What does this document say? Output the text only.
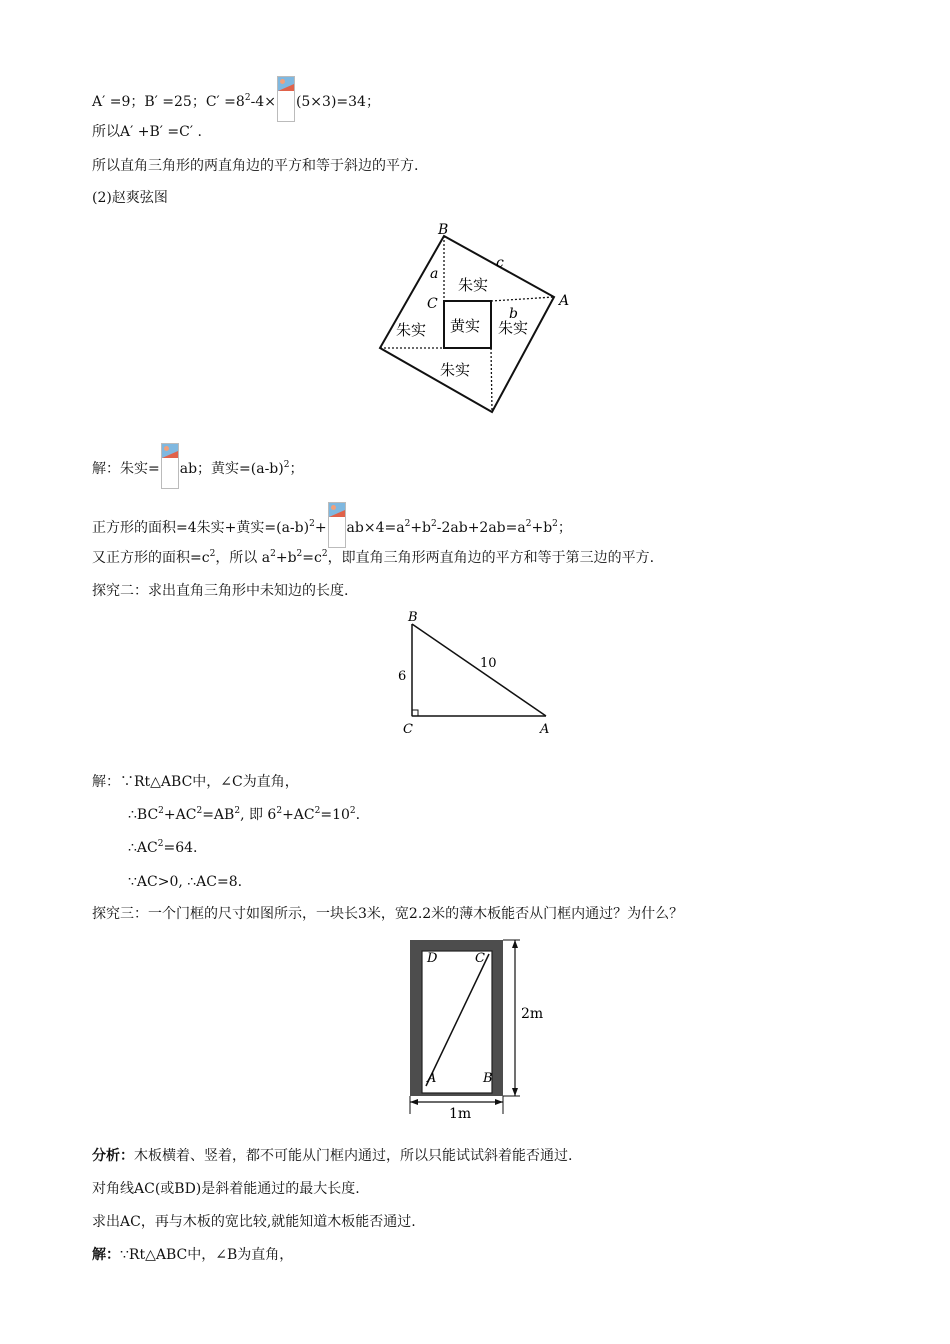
A′ =9；B′ =25；$C' =8^2-4\times (5\times 3)=34$；
所以A′ +B′ =C′ .
所以直角三角形的两直角边的平方和等于斜边的平方.
(2)赵爽弦图
B
A
C
a
b
c
朱实
朱实 黄实 朱实
朱实
解：朱实= ab；黄实$=(a-b)^2$；
正方形的面积=4朱实+黄实$=(a-b)^2+ ab\times 4=a^2+b^2-2ab+2ab=a^2+b^2$；
又正方形的面积$=c^2$，所以 $a^2+b^2=c^2$，即直角三角形两直角边的平方和等于第三边的平方.
探究二：求出直角三角形中未知边的长度.
B
C	A
6
10
解：∵Rt△ABC中，∠C为直角，
$\therefore BC^2+AC^2=AB^2$, 即 $6^2+AC^2=10^2$.
$\therefore AC^2=64$.
∵AC>0, ∴AC=8.
探究三：一个门框的尺寸如图所示，一块长3米，宽2.2米的薄木板能否从门框内通过？为什么？
D	C
A	B
2m
1m
分析：木板横着、竖着，都不可能从门框内通过，所以只能试试斜着能否通过.
对角线AC(或BD)是斜着能通过的最大长度.
求出AC，再与木板的宽比较,就能知道木板能否通过.
解：∵Rt△ABC中，∠B为直角，
